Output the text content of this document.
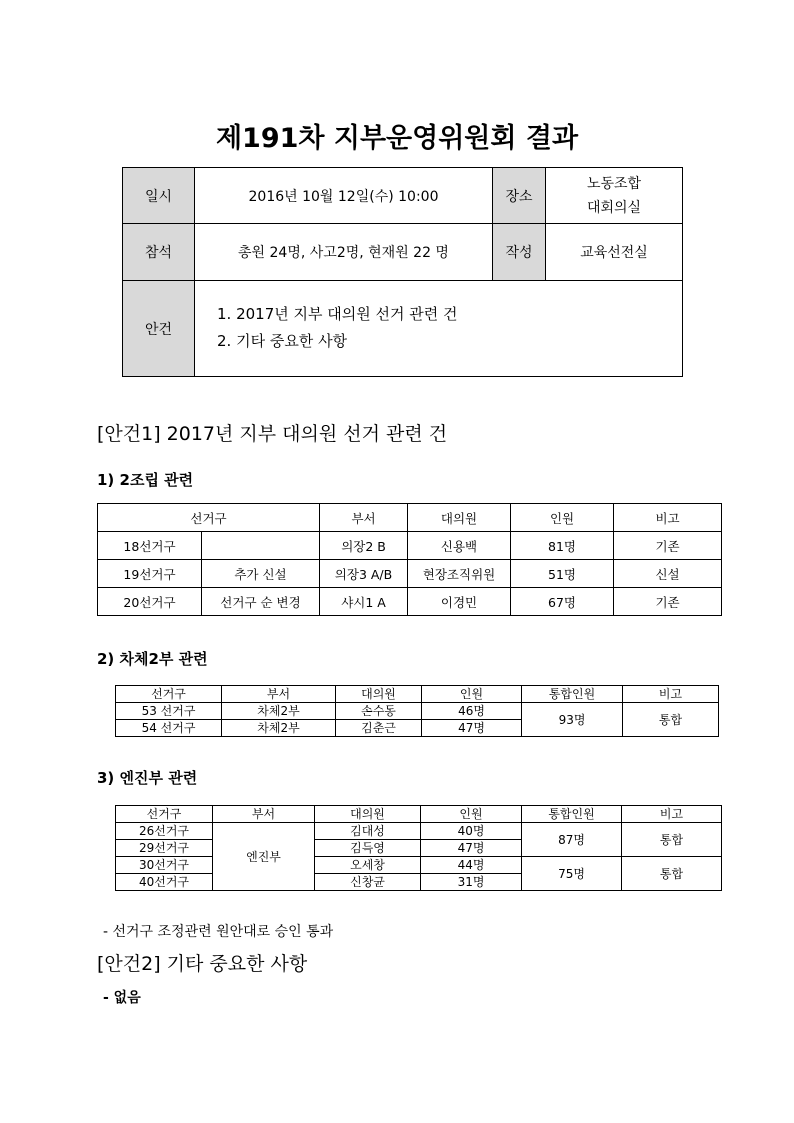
제191차 지부운영위원회 결과
일시	2016년 10월 12일(수) 10:00	장소	노동조합
대회의실

참석	총원 24명, 사고2명, 현재원 22 명	작성	교육선전실
안건	1. 2017년 지부 대의원 선거 관련 건
2. 기타 중요한 사항		
[안건1] 2017년 지부 대의원 선거 관련 건
1) 2조립 관련
선거구		부서	대의원	인원	비고
18선거구		의장2 B	신용백	81명	기존
19선거구	추가 신설	의장3 A/B	현장조직위원	51명	신설
20선거구	선거구 순 변경	샤시1 A	이경민	67명	기존
2) 차체2부 관련
선거구	부서	대의원	인원	통합인원	비고
53 선거구	차체2부	손수동	46명	93명	통합
54 선거구	차체2부	김춘근	47명		
3) 엔진부 관련
선거구	부서	대의원	인원	통합인원	비고
26선거구	엔진부	김대성	40명	87명	통합
29선거구		김득영	47명		
30선거구		오세창	44명	75명	통합
40선거구		신창균	31명		
- 선거구 조정관련 원안대로 승인 통과
[안건2] 기타 중요한 사항
- 없음
